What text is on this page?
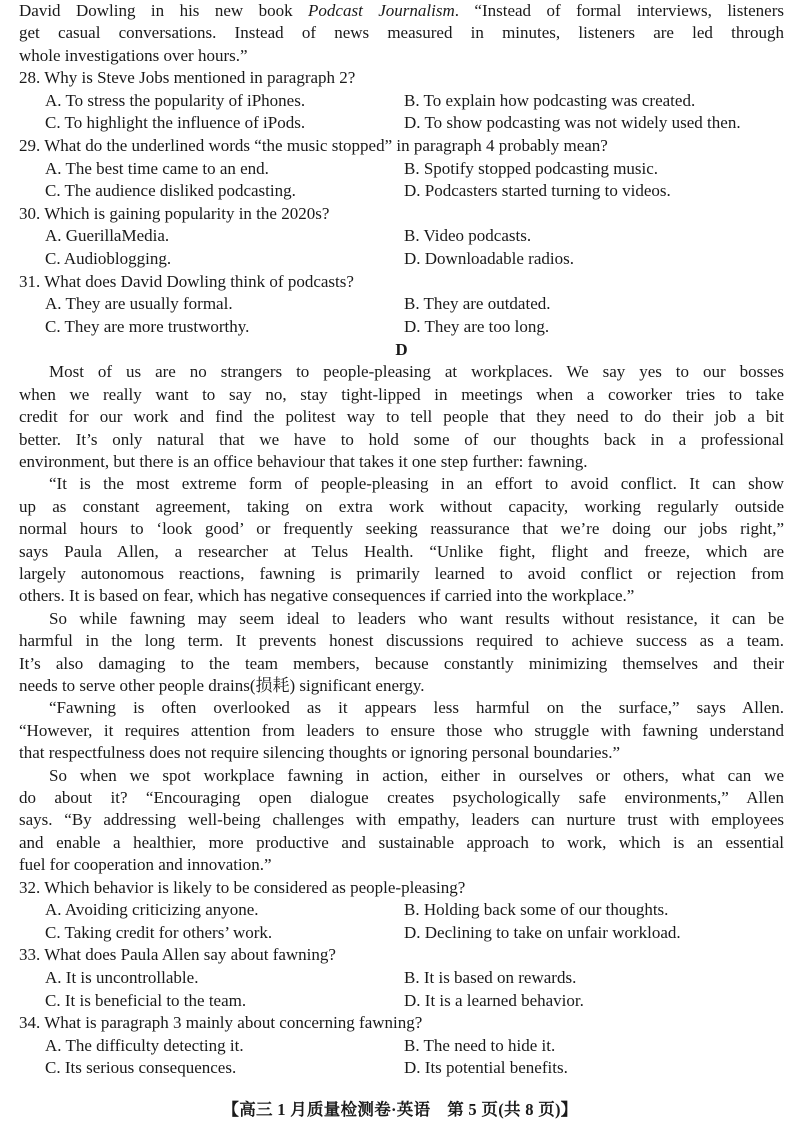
David Dowling in his new book Podcast Journalism. “Instead of formal interviews, listeners

get casual conversations. Instead of news measured in minutes, listeners are led through

whole investigations over hours.”

28. Why is Steve Jobs mentioned in paragraph 2?

A. To stress the popularity of iPhones.	B. To explain how podcasting was created.
C. To highlight the influence of iPods.	D. To show podcasting was not widely used then.

29. What do the underlined words “the music stopped” in paragraph 4 probably mean?

A. The best time came to an end.	B. Spotify stopped podcasting music.
C. The audience disliked podcasting.	D. Podcasters started turning to videos.

30. Which is gaining popularity in the 2020s?

A. GuerillaMedia.	B. Video podcasts.
C. Audioblogging.	D. Downloadable radios.

31. What does David Dowling think of podcasts?

A. They are usually formal.	B. They are outdated.
C. They are more trustworthy.	D. They are too long.

D

Most of us are no strangers to people-pleasing at workplaces. We say yes to our bosses

when we really want to say no, stay tight-lipped in meetings when a coworker tries to take

credit for our work and find the politest way to tell people that they need to do their job a bit

better. It’s only natural that we have to hold some of our thoughts back in a professional

environment, but there is an office behaviour that takes it one step further: fawning.

“It is the most extreme form of people-pleasing in an effort to avoid conflict. It can show

up as constant agreement, taking on extra work without capacity, working regularly outside

normal hours to ‘look good’ or frequently seeking reassurance that we’re doing our jobs right,”

says Paula Allen, a researcher at Telus Health. “Unlike fight, flight and freeze, which are

largely autonomous reactions, fawning is primarily learned to avoid conflict or rejection from

others. It is based on fear, which has negative consequences if carried into the workplace.”

So while fawning may seem ideal to leaders who want results without resistance, it can be

harmful in the long term. It prevents honest discussions required to achieve success as a team.

It’s also damaging to the team members, because constantly minimizing themselves and their

needs to serve other people drains(损耗) significant energy.

“Fawning is often overlooked as it appears less harmful on the surface,” says Allen.

“However, it requires attention from leaders to ensure those who struggle with fawning understand

that respectfulness does not require silencing thoughts or ignoring personal boundaries.”

So when we spot workplace fawning in action, either in ourselves or others, what can we

do about it? “Encouraging open dialogue creates psychologically safe environments,” Allen

says. “By addressing well-being challenges with empathy, leaders can nurture trust with employees

and enable a healthier, more productive and sustainable approach to work, which is an essential

fuel for cooperation and innovation.”

32. Which behavior is likely to be considered as people-pleasing?

A. Avoiding criticizing anyone.	B. Holding back some of our thoughts.
C. Taking credit for others’ work.	D. Declining to take on unfair workload.

33. What does Paula Allen say about fawning?

A. It is uncontrollable.	B. It is based on rewards.
C. It is beneficial to the team.	D. It is a learned behavior.

34. What is paragraph 3 mainly about concerning fawning?

A. The difficulty detecting it.	B. The need to hide it.
C. Its serious consequences.	D. Its potential benefits.
【高三 1 月质量检测卷·英语　第 5 页(共 8 页)】
